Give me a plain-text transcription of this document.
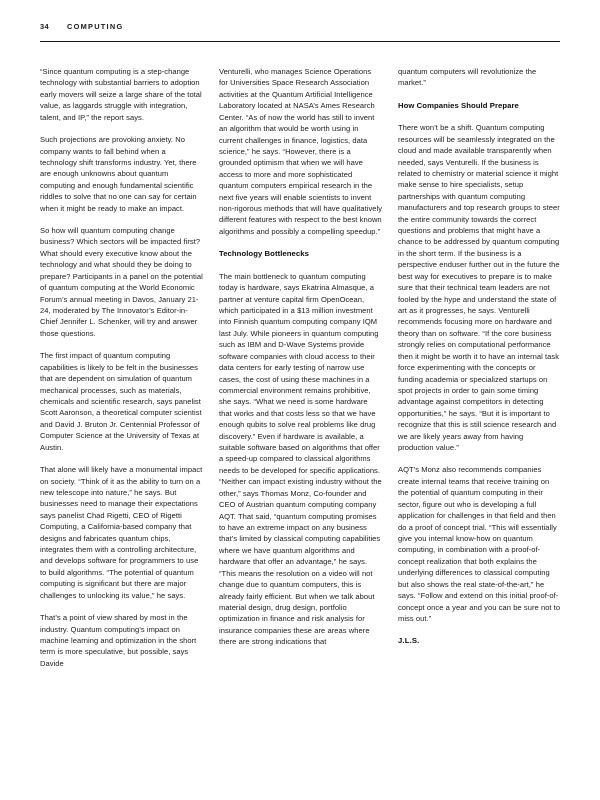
34 COMPUTING

“Since quantum computing is a step-change technology with substantial barriers to adoption early movers will seize a large share of the total value, as laggards struggle with integration, talent, and IP,” the report says.

Such projections are provoking anxiety. No company wants to fall behind when a technology shift transforms industry. Yet, there are enough unknowns about quantum computing and enough fundamental scientific riddles to solve that no one can say for certain when it might be ready to make an impact.

So how will quantum computing change business? Which sectors will be impacted first? What should every executive know about the technology and what should they be doing to prepare? Participants in a panel on the potential of quantum computing at the World Economic Forum’s annual meeting in Davos, January 21-24, moderated by The Innovator’s Editor-in-Chief Jennifer L. Schenker, will try and answer those questions.

The first impact of quantum computing capabilities is likely to be felt in the businesses that are dependent on simulation of quantum mechanical processes, such as materials, chemicals and scientific research, says panelist Scott Aaronson, a theoretical computer scientist and David J. Bruton Jr. Centennial Professor of Computer Science at the University of Texas at Austin.

That alone will likely have a monumental impact on society. “Think of it as the ability to turn on a new telescope into nature,” he says. But businesses need to manage their expectations says panelist Chad Rigetti, CEO of Rigetti Computing, a California-based company that designs and fabricates quantum chips, integrates them with a controlling architecture, and develops software for programmers to use to build algorithms. “The potential of quantum computing is significant but there are major challenges to unlocking its value,” he says.

That’s a point of view shared by most in the industry. Quantum computing’s impact on machine learning and optimization in the short term is more speculative, but possible, says Davide

Venturelli, who manages Science Operations for Universities Space Research Association activities at the Quantum Artificial Intelligence Laboratory located at NASA’s Ames Research Center. “As of now the world has still to invent an algorithm that would be worth using in current challenges in finance, logistics, data science,” he says. “However, there is a grounded optimism that when we will have access to more and more sophisticated quantum computers empirical research in the next five years will enable scientists to invent non-rigorous methods that will have qualitatively different features with respect to the best known algorithms and possibly a compelling speedup.”

Technology Bottlenecks

The main bottleneck to quantum computing today is hardware, says Ekatrina Almasque, a partner at venture capital firm OpenOcean, which participated in a $13 million investment into Finnish quantum computing company IQM last July. While pioneers in quantum computing such as IBM and D-Wave Systems provide software companies with cloud access to their data centers for early testing of narrow use cases, the cost of using these machines in a commercial environment remains prohibitive, she says. “What we need is some hardware that works and that costs less so that we have enough qubits to solve real problems like drug discovery.” Even if hardware is available, a suitable software based on algorithms that offer a speed-up compared to classical algorithms needs to be developed for specific applications. “Neither can impact existing industry without the other,” says Thomas Monz, Co-founder and CEO of Austrian quantum computing company AQT. That said, “quantum computing promises to have an extreme impact on any business that’s limited by classical computing capabilities where we have quantum algorithms and hardware that offer an advantage,” he says. “This means the resolution on a video will not change due to quantum computers, this is already fairly efficient. But when we talk about material design, drug design, portfolio optimization in finance and risk analysis for insurance companies these are areas where there are strong indications that

quantum computers will revolutionize the market.”

How Companies Should Prepare

There won’t be a shift. Quantum computing resources will be seamlessly integrated on the cloud and made available transparently when needed, says Venturelli. If the business is related to chemistry or material science it might make sense to hire specialists, setup partnerships with quantum computing manufacturers and top research groups to steer the entire community towards the correct questions and problems that might have a chance to be addressed by quantum computing in the short term. If the business is a perspective enduser further out in the future the best way for executives to prepare is to make sure that their technical team leaders are not fooled by the hype and understand the state of art as it progresses, he says. Venturelli recommends focusing more on hardware and theory than on software. “If the core business strongly relies on computational performance then it might be worth it to have an internal task force experimenting with the concepts or funding academia or specialized startups on spot projects in order to gain some timing advantage against competitors in detecting opportunities,” he says. “But it is important to recognize that this is still science research and we are likely years away from having production value.”

AQT’s Monz also recommends companies create internal teams that receive training on the potential of quantum computing in their sector, figure out who is developing a full application for challenges in that field and then do a proof of concept trial. “This will essentially give you internal know-how on quantum computing, in combination with a proof-of-concept realization that both explains the underlying differences to classical computing but also shows the real state-of-the-art,” he says. “Follow and extend on this initial proof-of-concept once a year and you can be sure not to miss out.”

J.L.S.
